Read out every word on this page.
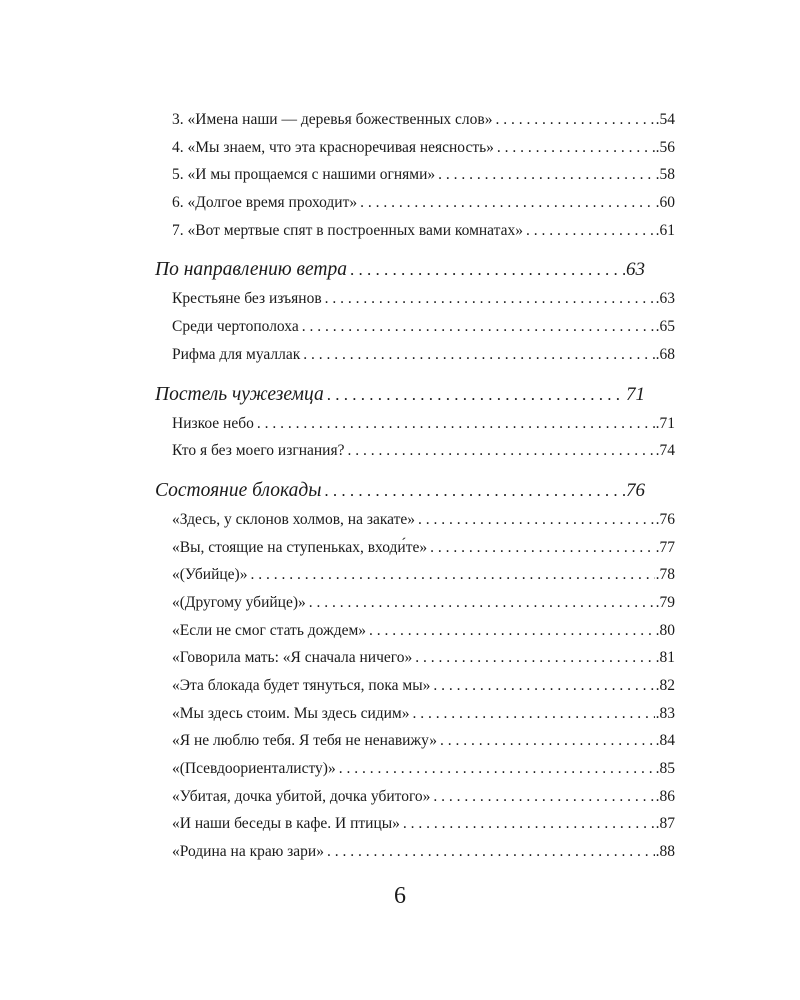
3. «Имена наши — деревья божественных слов» . . .	.54
4. «Мы знаем, что эта красноречивая неясность» . . .	.56
5. «И мы прощаемся с нашими огнями» . . .	.58
6. «Долгое время проходит» . . .	.60
7. «Вот мертвые спят в построенных вами комнатах» . . .	.61
По направлению ветра . . .	63
Крестьяне без изъянов . . .	.63
Среди чертополоха . . .	.65
Рифма для муаллак . . .	.68
Постель чужеземца . . .	71
Низкое небо . . .	.71
Кто я без моего изгнания? . . .	.74
Состояние блокады . . .	76
«Здесь, у склонов холмов, на закате» . . .	.76
«Вы, стоящие на ступеньках, входи́те» . . .	.77
«(Убийце)» . . .	.78
«(Другому убийце)» . . .	.79
«Если не смог стать дождем» . . .	.80
«Говорила мать: «Я сначала ничего» . . .	.81
«Эта блокада будет тянуться, пока мы» . . .	.82
«Мы здесь стоим. Мы здесь сидим» . . .	.83
«Я не люблю тебя. Я тебя не ненавижу» . . .	.84
«(Псевдоориенталисту)» . . .	.85
«Убитая, дочка убитой, дочка убитого» . . .	.86
«И наши беседы в кафе. И птицы» . . .	.87
«Родина на краю зари» . . .	.88
6
